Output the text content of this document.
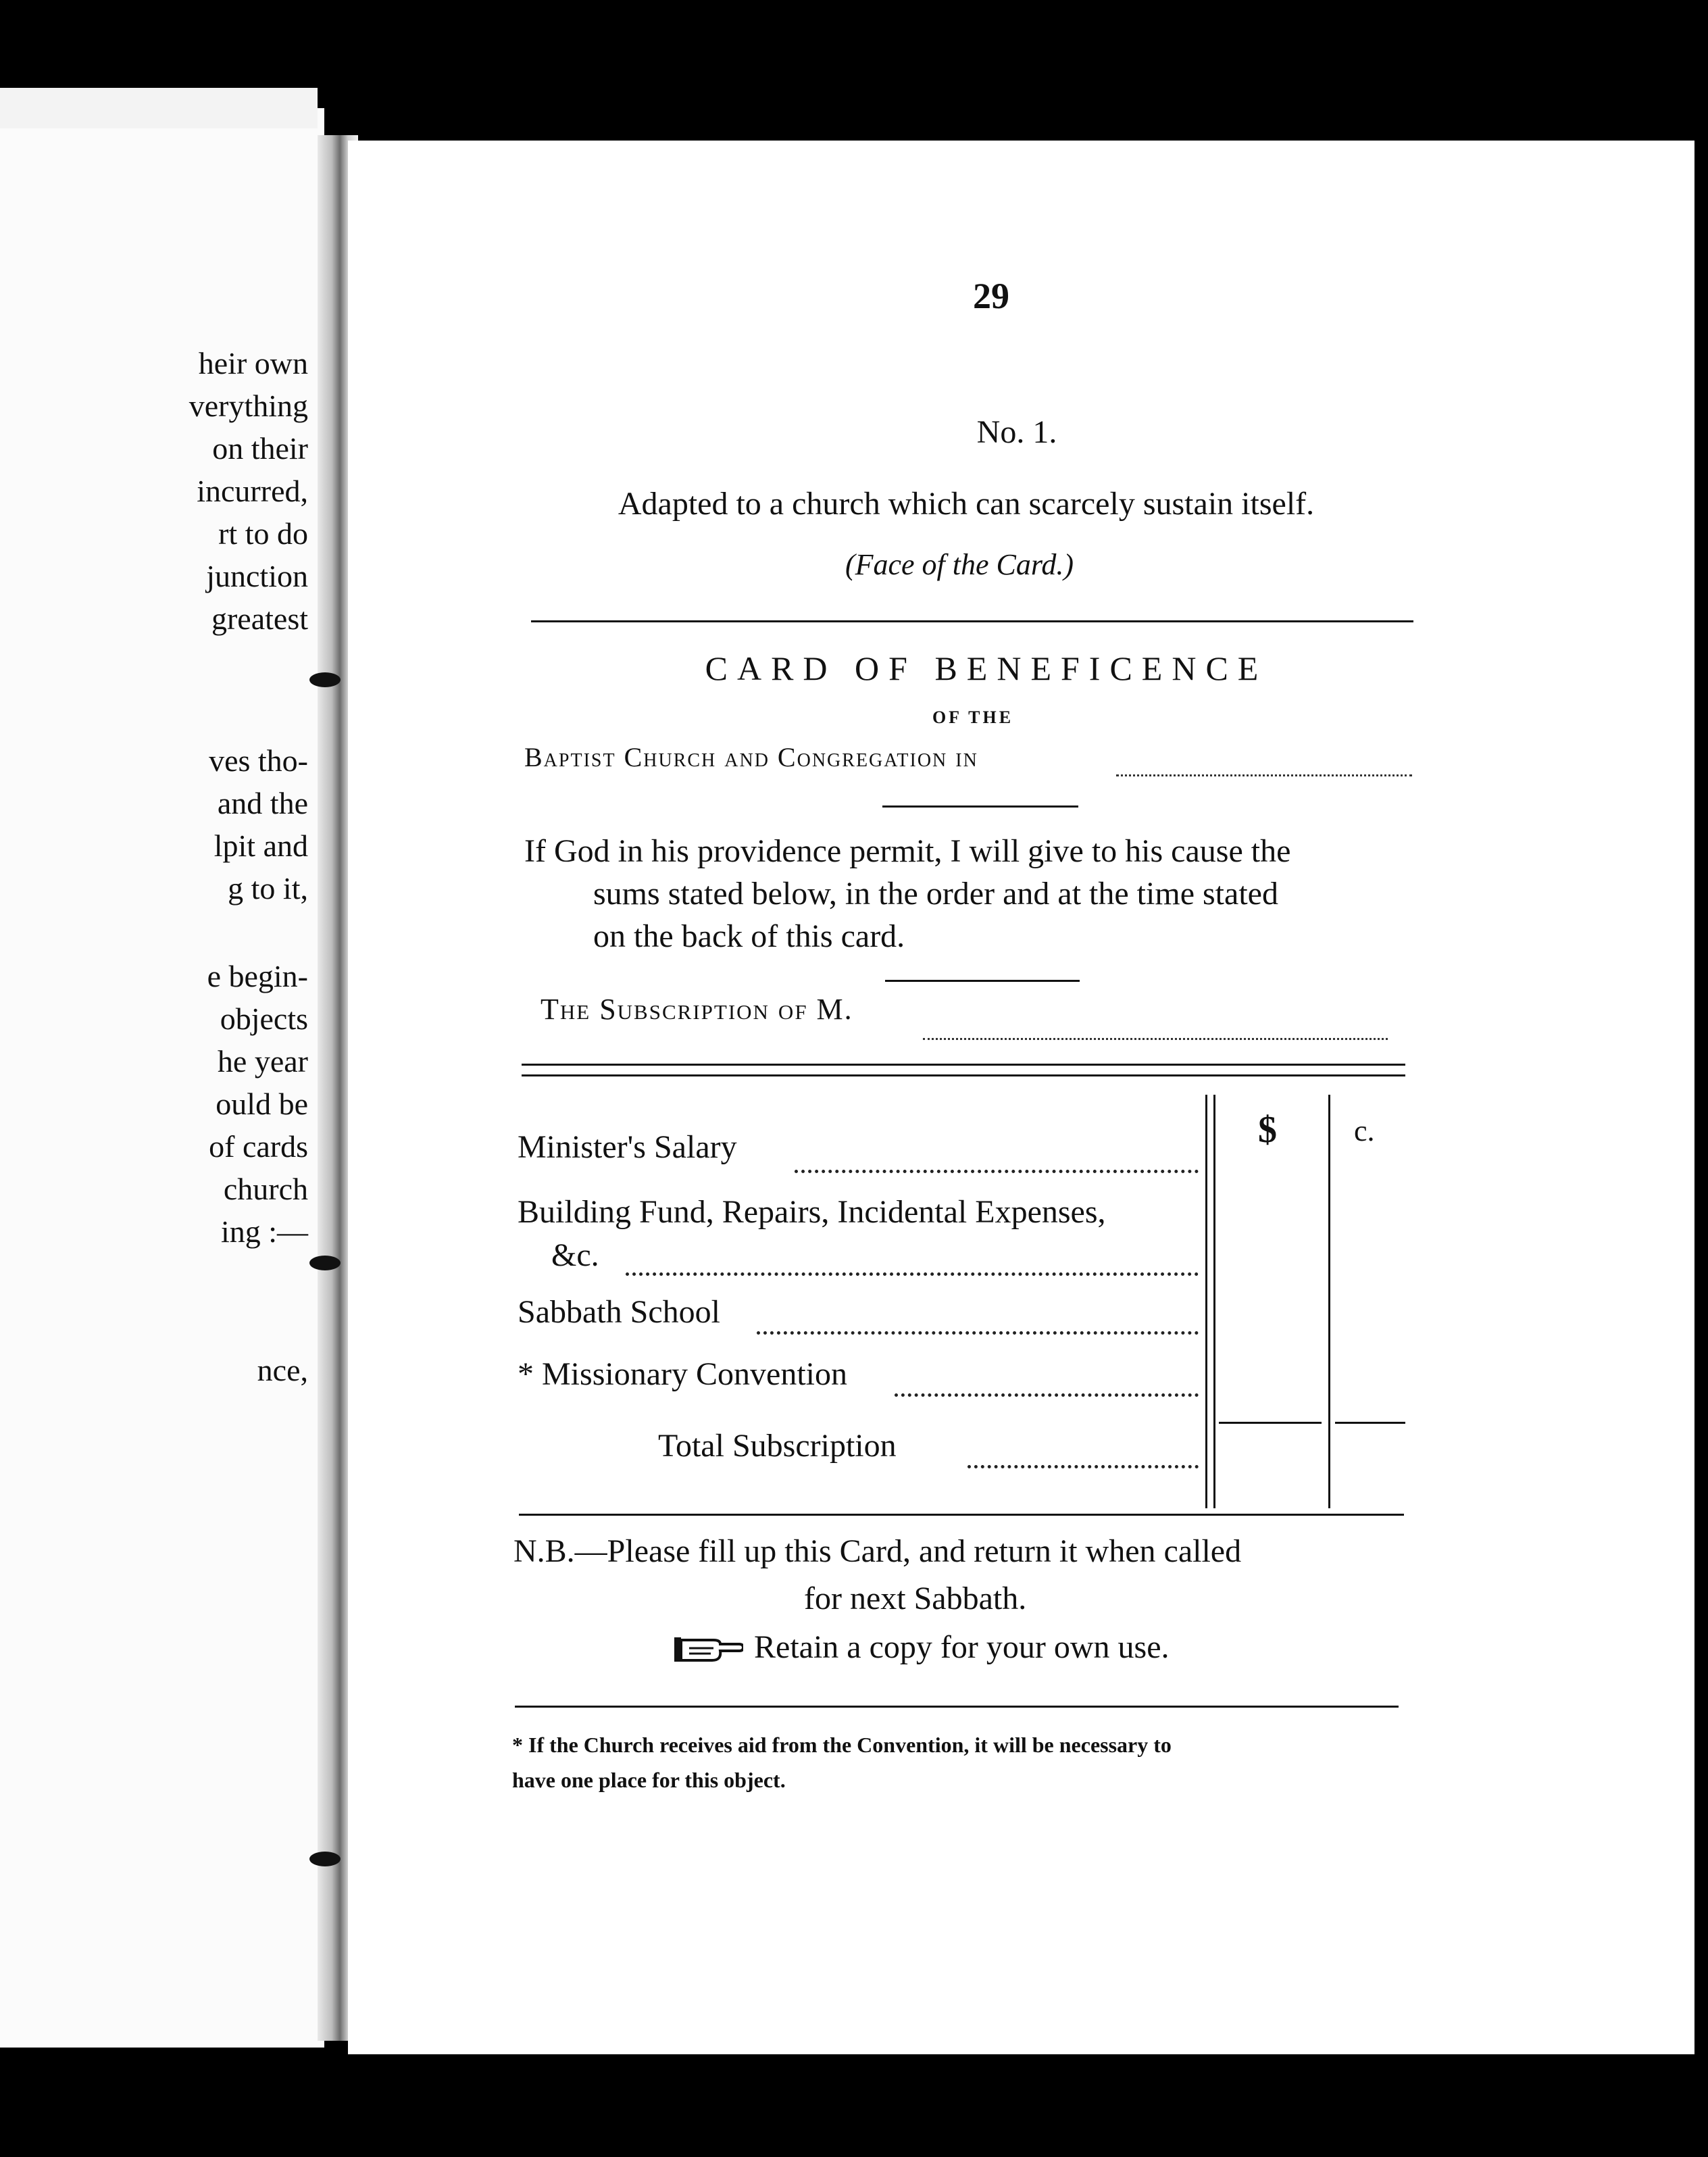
heir own
verything
on their
incurred,
rt to do
junction
greatest
ves tho-
and the
lpit and
g to it,
e begin-
objects
he year
ould be
of cards
church
ing :—
nce,
29
No. 1.
Adapted to a church which can scarcely sustain itself.
(Face of the Card.)
CARD OF BENEFICENCE
OF THE
Baptist Church and Congregation in
If God in his providence permit, I will give to his cause the
sums stated below, in the order and at the time stated
on the back of this card.
The Subscription of M.
$	c.
Minister's Salary
Building Fund, Repairs, Incidental Expenses,
&c.
Sabbath School
* Missionary Convention
Total Subscription
N.B.—Please fill up this Card, and return it when called
for next Sabbath.
Retain a copy for your own use.
* If the Church receives aid from the Convention, it will be necessary to
have one place for this object.
